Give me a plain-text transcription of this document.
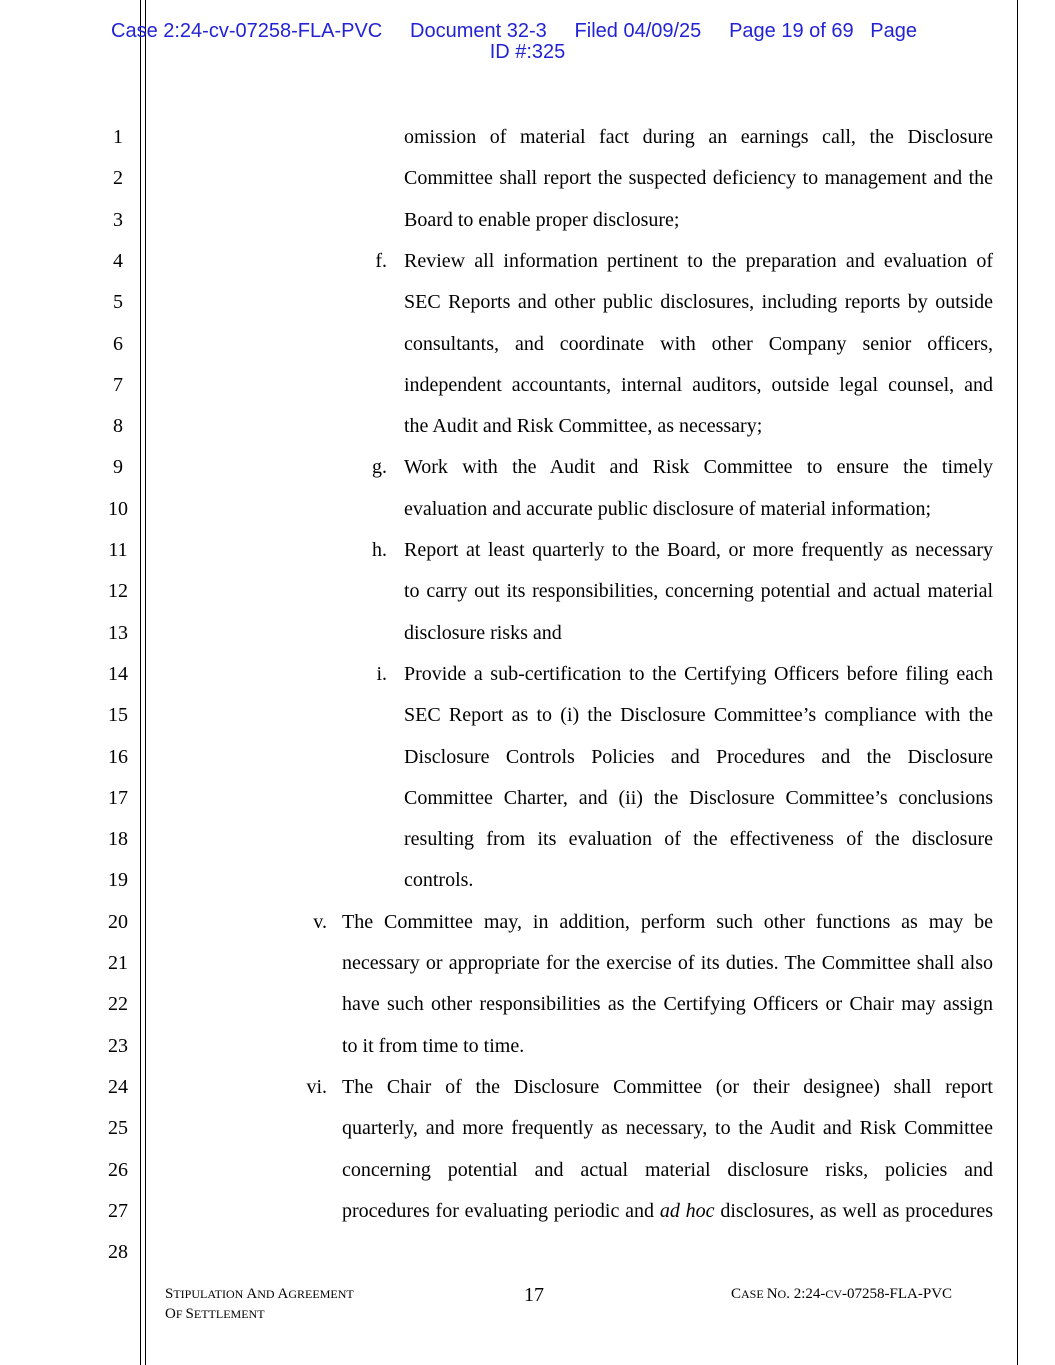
Case 2:24-cv-07258-FLA-PVC     Document 32-3     Filed 04/09/25     Page 19 of 69   Page
ID #:325
1
2
3
4
5
6
7
8
9
10
11
12
13
14
15
16
17
18
19
20
21
22
23
24
25
26
27
28
omission of material fact during an earnings call, the Disclosure
Committee shall report the suspected deficiency to management and the
Board to enable proper disclosure;
f. Review all information pertinent to the preparation and evaluation of
SEC Reports and other public disclosures, including reports by outside
consultants, and coordinate with other Company senior officers,
independent accountants, internal auditors, outside legal counsel, and
the Audit and Risk Committee, as necessary;
g. Work with the Audit and Risk Committee to ensure the timely
evaluation and accurate public disclosure of material information;
h. Report at least quarterly to the Board, or more frequently as necessary
to carry out its responsibilities, concerning potential and actual material
disclosure risks and
i. Provide a sub-certification to the Certifying Officers before filing each
SEC Report as to (i) the Disclosure Committee’s compliance with the
Disclosure Controls Policies and Procedures and the Disclosure
Committee Charter, and (ii) the Disclosure Committee’s conclusions
resulting from its evaluation of the effectiveness of the disclosure
controls.
v. The Committee may, in addition, perform such other functions as may be
necessary or appropriate for the exercise of its duties. The Committee shall also
have such other responsibilities as the Certifying Officers or Chair may assign
to it from time to time.
vi. The Chair of the Disclosure Committee (or their designee) shall report
quarterly, and more frequently as necessary, to the Audit and Risk Committee
concerning potential and actual material disclosure risks, policies and
procedures for evaluating periodic and ad hoc disclosures, as well as procedures
STIPULATION AND AGREEMENT
OF SETTLEMENT
17	CASE NO. 2:24-CV-07258-FLA-PVC
